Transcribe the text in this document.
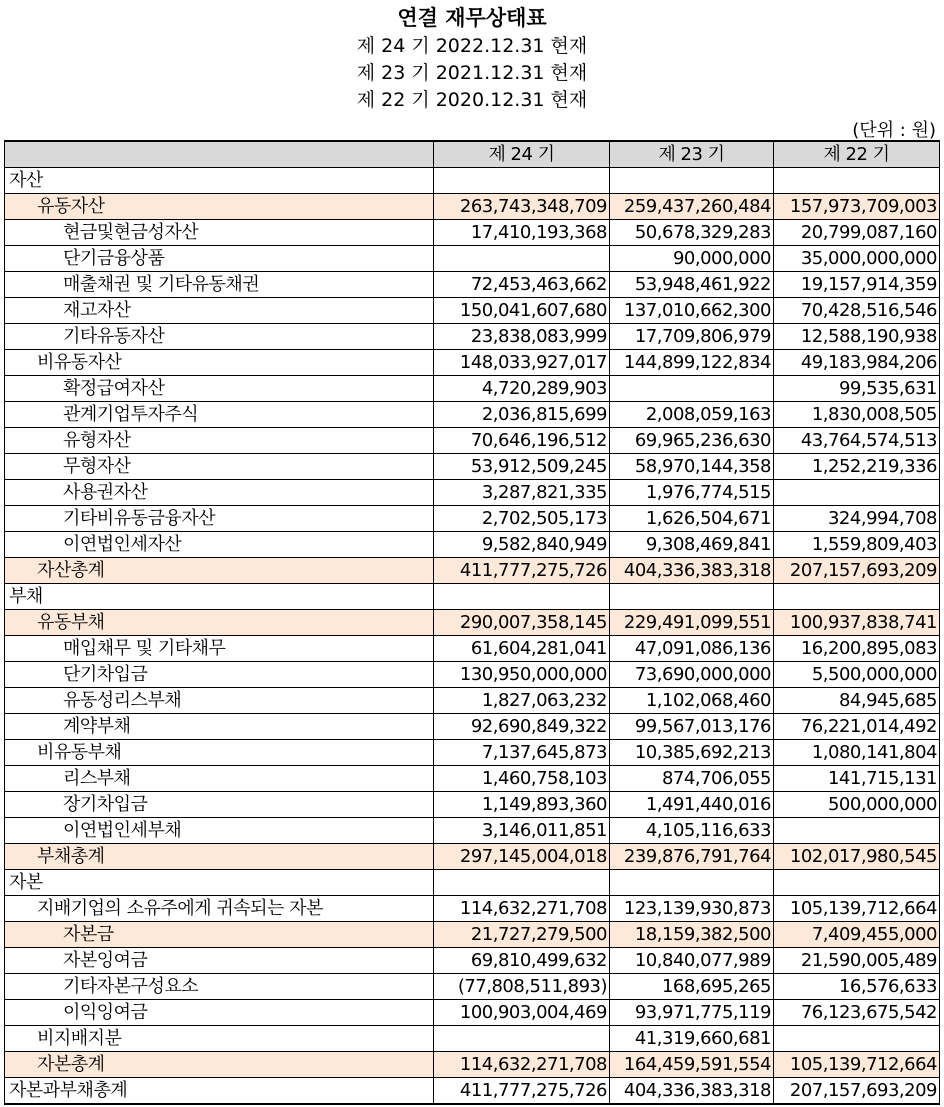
연결 재무상태표
제 24 기 2022.12.31 현재
제 23 기 2021.12.31 현재
제 22 기 2020.12.31 현재
(단위 : 원)
	제 24 기	제 23 기	제 22 기
자산			
유동자산	263,743,348,709	259,437,260,484	157,973,709,003
현금및현금성자산	17,410,193,368	50,678,329,283	20,799,087,160
단기금융상품		90,000,000	35,000,000,000
매출채권 및 기타유동채권	72,453,463,662	53,948,461,922	19,157,914,359
재고자산	150,041,607,680	137,010,662,300	70,428,516,546
기타유동자산	23,838,083,999	17,709,806,979	12,588,190,938
비유동자산	148,033,927,017	144,899,122,834	49,183,984,206
확정급여자산	4,720,289,903		99,535,631
관계기업투자주식	2,036,815,699	2,008,059,163	1,830,008,505
유형자산	70,646,196,512	69,965,236,630	43,764,574,513
무형자산	53,912,509,245	58,970,144,358	1,252,219,336
사용권자산	3,287,821,335	1,976,774,515	
기타비유동금융자산	2,702,505,173	1,626,504,671	324,994,708
이연법인세자산	9,582,840,949	9,308,469,841	1,559,809,403
자산총계	411,777,275,726	404,336,383,318	207,157,693,209
부채			
유동부채	290,007,358,145	229,491,099,551	100,937,838,741
매입채무 및 기타채무	61,604,281,041	47,091,086,136	16,200,895,083
단기차입금	130,950,000,000	73,690,000,000	5,500,000,000
유동성리스부채	1,827,063,232	1,102,068,460	84,945,685
계약부채	92,690,849,322	99,567,013,176	76,221,014,492
비유동부채	7,137,645,873	10,385,692,213	1,080,141,804
리스부채	1,460,758,103	874,706,055	141,715,131
장기차입금	1,149,893,360	1,491,440,016	500,000,000
이연법인세부채	3,146,011,851	4,105,116,633	
부채총계	297,145,004,018	239,876,791,764	102,017,980,545
자본			
지배기업의 소유주에게 귀속되는 자본	114,632,271,708	123,139,930,873	105,139,712,664
자본금	21,727,279,500	18,159,382,500	7,409,455,000
자본잉여금	69,810,499,632	10,840,077,989	21,590,005,489
기타자본구성요소	(77,808,511,893)	168,695,265	16,576,633
이익잉여금	100,903,004,469	93,971,775,119	76,123,675,542
비지배지분		41,319,660,681	
자본총계	114,632,271,708	164,459,591,554	105,139,712,664
자본과부채총계	411,777,275,726	404,336,383,318	207,157,693,209
